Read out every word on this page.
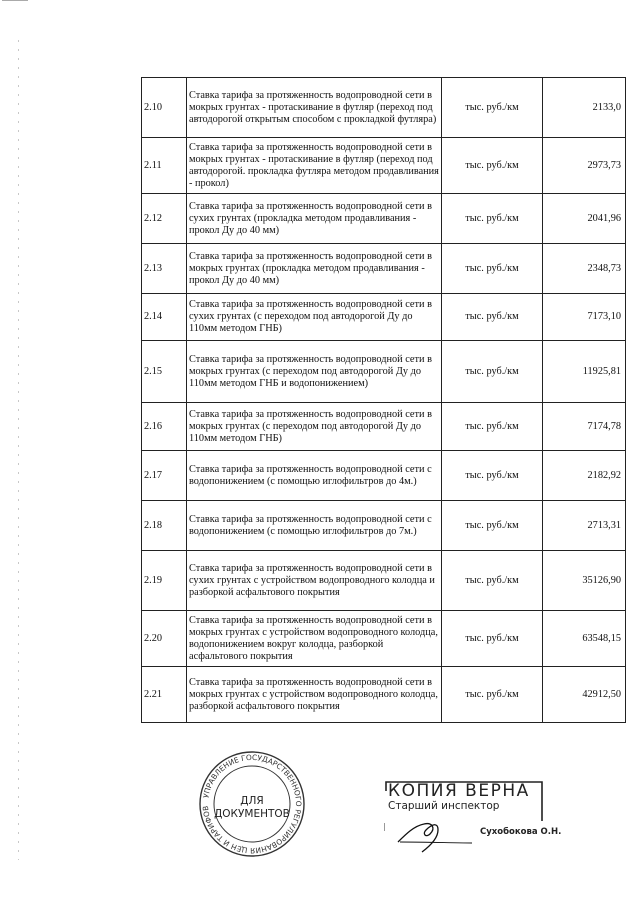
2.10	Ставка тарифа за протяженность водопроводной сети в мокрых грунтах - протаскивание в футляр (переход под автодорогой открытым способом с прокладкой футляра)	тыс. руб./км	2133,0
2.11	Ставка тарифа за протяженность водопроводной сети в мокрых грунтах - протаскивание в футляр (переход под автодорогой. прокладка футляра методом продавливания - прокол)	тыс. руб./км	2973,73
2.12	Ставка тарифа за протяженность водопроводной сети в сухих грунтах (прокладка методом продавливания - прокол Ду до 40 мм)	тыс. руб./км	2041,96
2.13	Ставка тарифа за протяженность водопроводной сети в мокрых грунтах (прокладка методом продавливания - прокол Ду до 40 мм)	тыс. руб./км	2348,73
2.14	Ставка тарифа за протяженность водопроводной сети в сухих грунтах (с переходом под автодорогой Ду до 110мм методом ГНБ)	тыс. руб./км	7173,10
2.15	Ставка тарифа за протяженность водопроводной сети в мокрых грунтах (с переходом под автодорогой Ду до 110мм методом ГНБ и водопонижением)	тыс. руб./км	11925,81
2.16	Ставка тарифа за протяженность водопроводной сети в мокрых грунтах (с переходом под автодорогой Ду до 110мм методом ГНБ)	тыс. руб./км	7174,78
2.17	Ставка тарифа за протяженность водопроводной сети с водопонижением (с помощью иглофильтров до 4м.)	тыс. руб./км	2182,92
2.18	Ставка тарифа за протяженность водопроводной сети с водопонижением (с помощью иглофильтров до 7м.)	тыс. руб./км	2713,31
2.19	Ставка тарифа за протяженность водопроводной сети в сухих грунтах с устройством водопроводного колодца и разборкой асфальтового покрытия	тыс. руб./км	35126,90
2.20	Ставка тарифа за протяженность водопроводной сети в мокрых грунтах с устройством водопроводного колодца, водопонижением вокруг колодца, разборкой асфальтового покрытия	тыс. руб./км	63548,15
2.21	Ставка тарифа за протяженность водопроводной сети в мокрых грунтах с устройством водопроводного колодца, разборкой асфальтового покрытия	тыс. руб./км	42912,50
УПРАВЛЕНИЕ ГОСУДАРСТВЕННОГО РЕГУЛИРОВАНИЯ ЦЕН И ТАРИФОВ
ДЛЯ
ДОКУМЕНТОВ
КОПИЯ ВЕРНА
Старший инспектор
Сухобокова О.Н.
